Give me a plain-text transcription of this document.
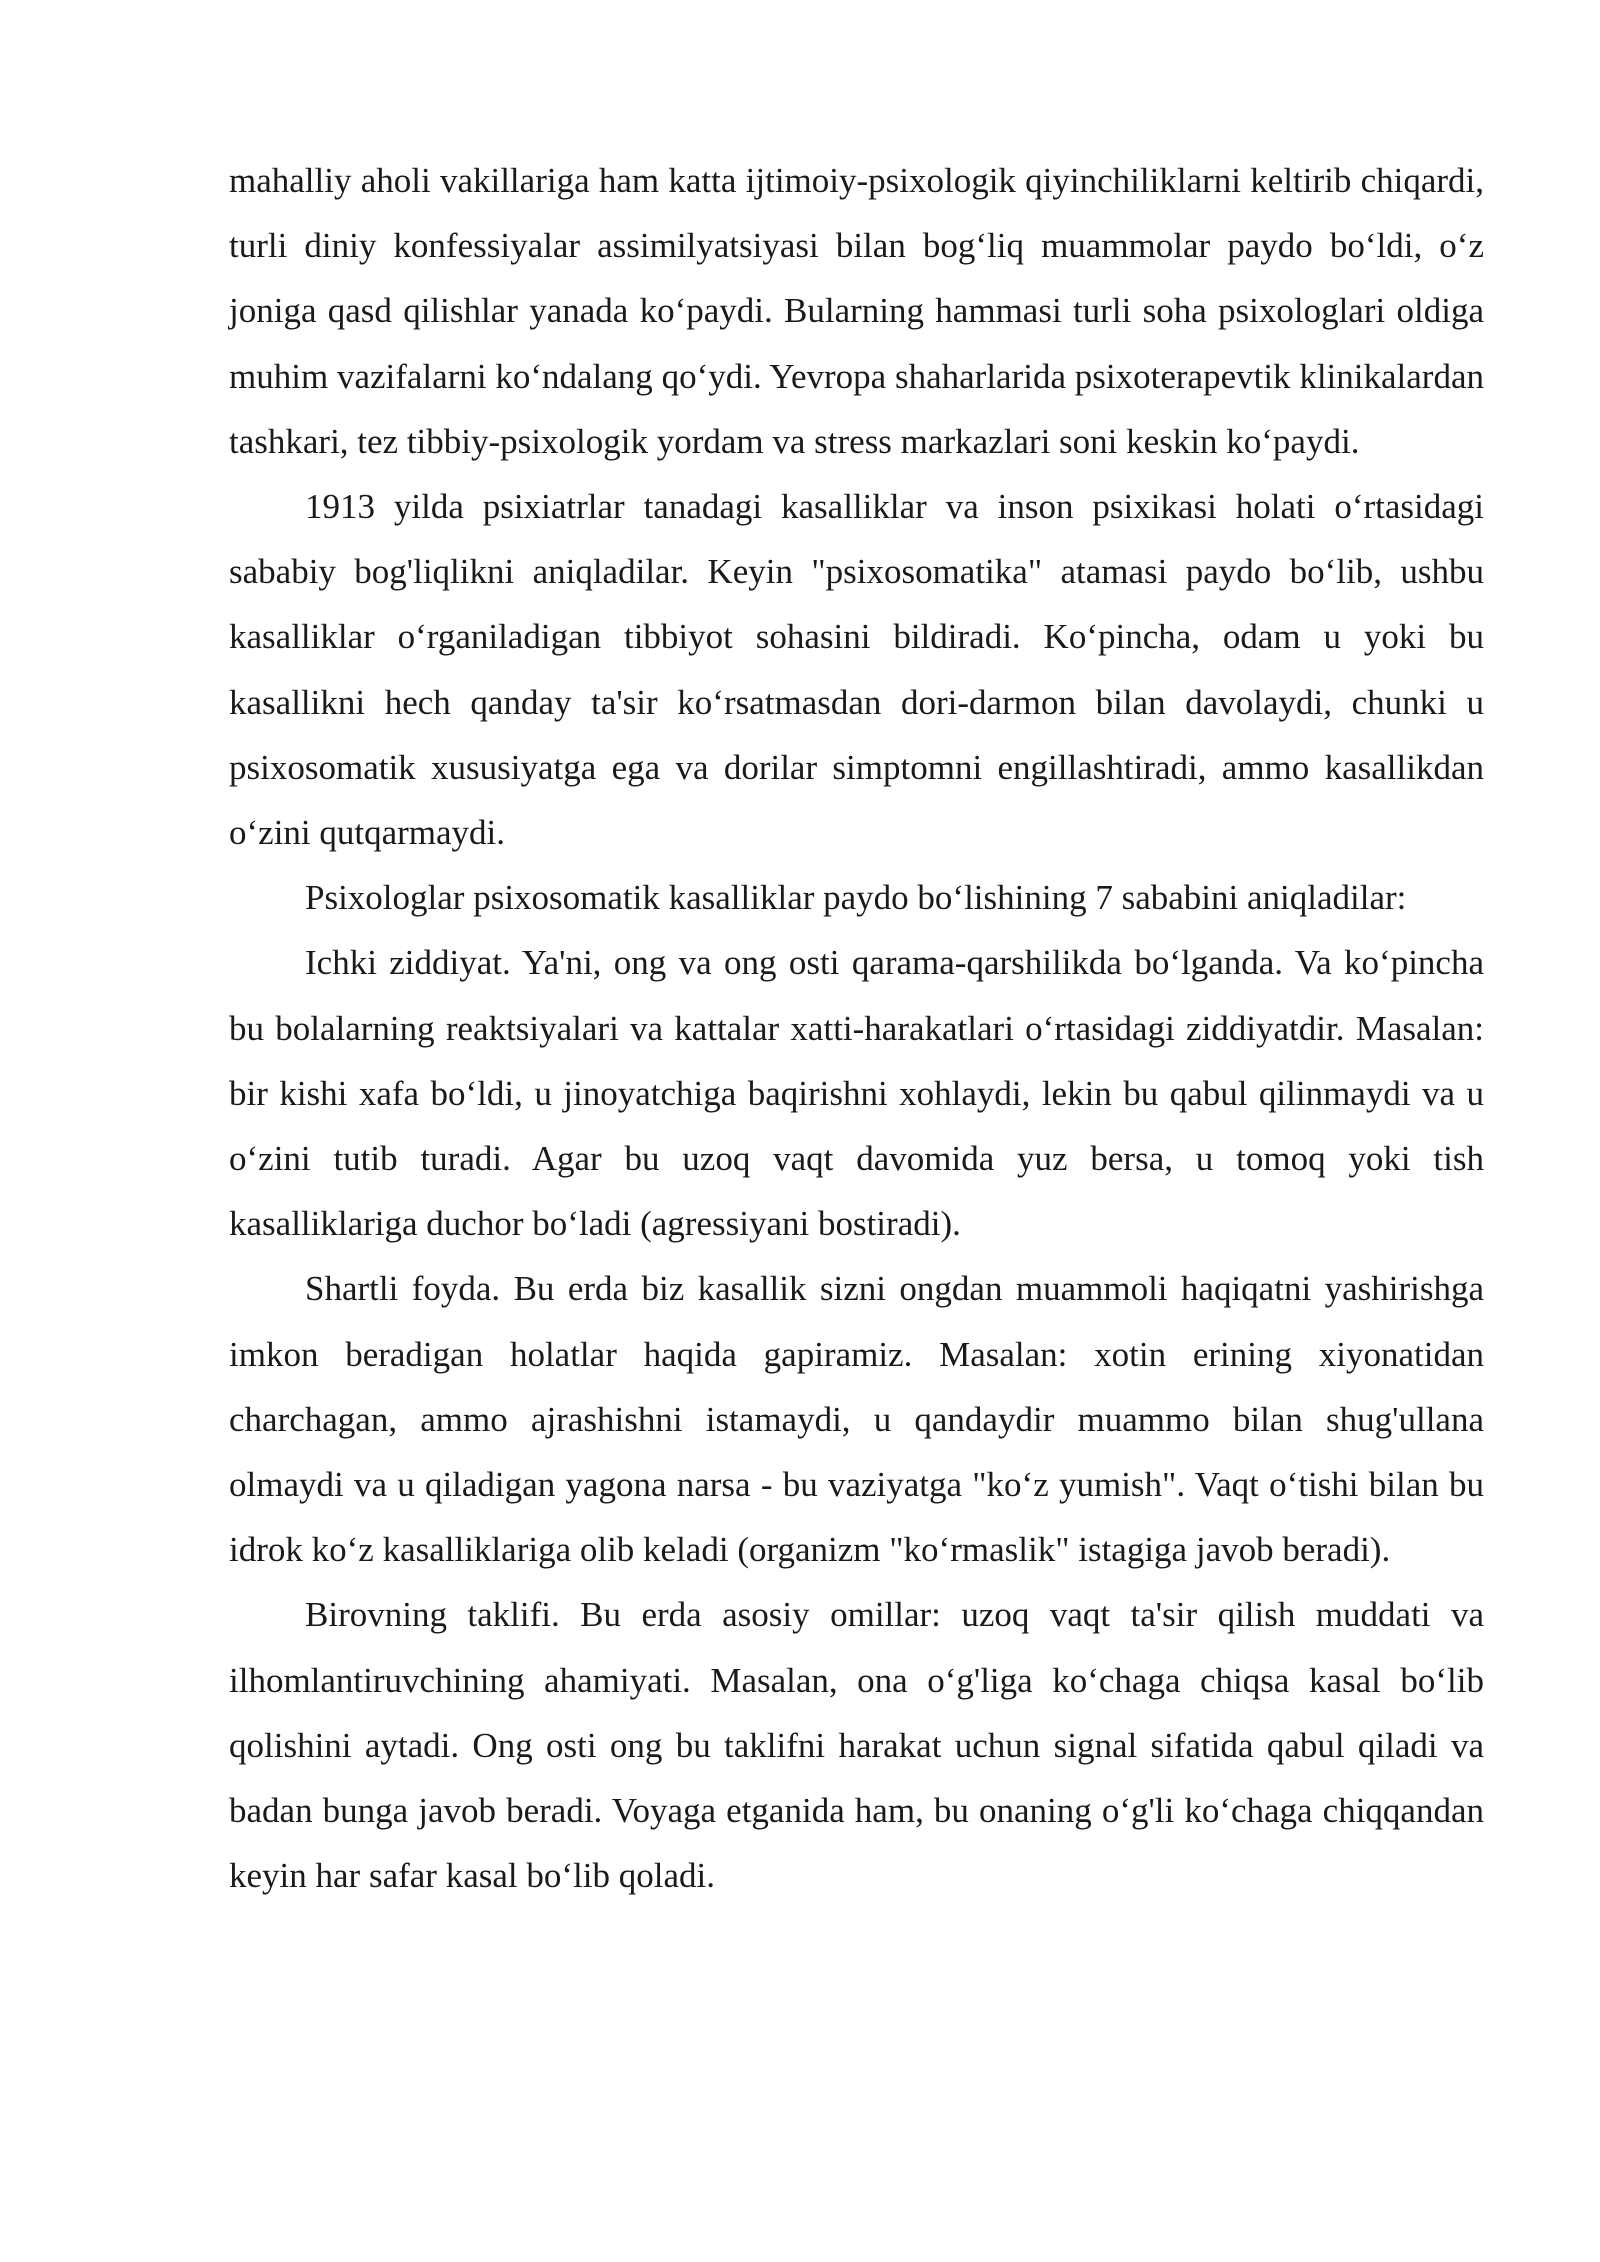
mahalliy aholi vakillariga ham katta ijtimoiy-psixologik qiyinchiliklarni keltirib chiqardi, turli diniy konfessiyalar assimilyatsiyasi bilan bog‘liq muammolar paydo bo‘ldi, o‘z joniga qasd qilishlar yanada ko‘paydi. Bularning hammasi turli soha psixologlari oldiga muhim vazifalarni ko‘ndalang qo‘ydi. Yevropa shaharlarida psixoterapevtik klinikalardan tashkari, tez tibbiy-psixologik yordam va stress markazlari soni keskin ko‘paydi.

1913 yilda psixiatrlar tanadagi kasalliklar va inson psixikasi holati o‘rtasidagi sababiy bog'liqlikni aniqladilar. Keyin "psixosomatika" atamasi paydo bo‘lib, ushbu kasalliklar o‘rganiladigan tibbiyot sohasini bildiradi. Ko‘pincha, odam u yoki bu kasallikni hech qanday ta'sir ko‘rsatmasdan dori-darmon bilan davolaydi, chunki u psixosomatik xususiyatga ega va dorilar simptomni engillashtiradi, ammo kasallikdan o‘zini qutqarmaydi.

Psixologlar psixosomatik kasalliklar paydo bo‘lishining 7 sababini aniqladilar:

Ichki ziddiyat. Ya'ni, ong va ong osti qarama-qarshilikda bo‘lganda. Va ko‘pincha bu bolalarning reaktsiyalari va kattalar xatti-harakatlari o‘rtasidagi ziddiyatdir. Masalan: bir kishi xafa bo‘ldi, u jinoyatchiga baqirishni xohlaydi, lekin bu qabul qilinmaydi va u o‘zini tutib turadi. Agar bu uzoq vaqt davomida yuz bersa, u tomoq yoki tish kasalliklariga duchor bo‘ladi (agressiyani bostiradi).

Shartli foyda. Bu erda biz kasallik sizni ongdan muammoli haqiqatni yashirishga imkon beradigan holatlar haqida gapiramiz. Masalan: xotin erining xiyonatidan charchagan, ammo ajrashishni istamaydi, u qandaydir muammo bilan shug'ullana olmaydi va u qiladigan yagona narsa - bu vaziyatga "ko‘z yumish". Vaqt o‘tishi bilan bu idrok ko‘z kasalliklariga olib keladi (organizm "ko‘rmaslik" istagiga javob beradi).

Birovning taklifi. Bu erda asosiy omillar: uzoq vaqt ta'sir qilish muddati va ilhomlantiruvchining ahamiyati. Masalan, ona o‘g'liga ko‘chaga chiqsa kasal bo‘lib qolishini aytadi. Ong osti ong bu taklifni harakat uchun signal sifatida qabul qiladi va badan bunga javob beradi. Voyaga etganida ham, bu onaning o‘g'li ko‘chaga chiqqandan keyin har safar kasal bo‘lib qoladi.
